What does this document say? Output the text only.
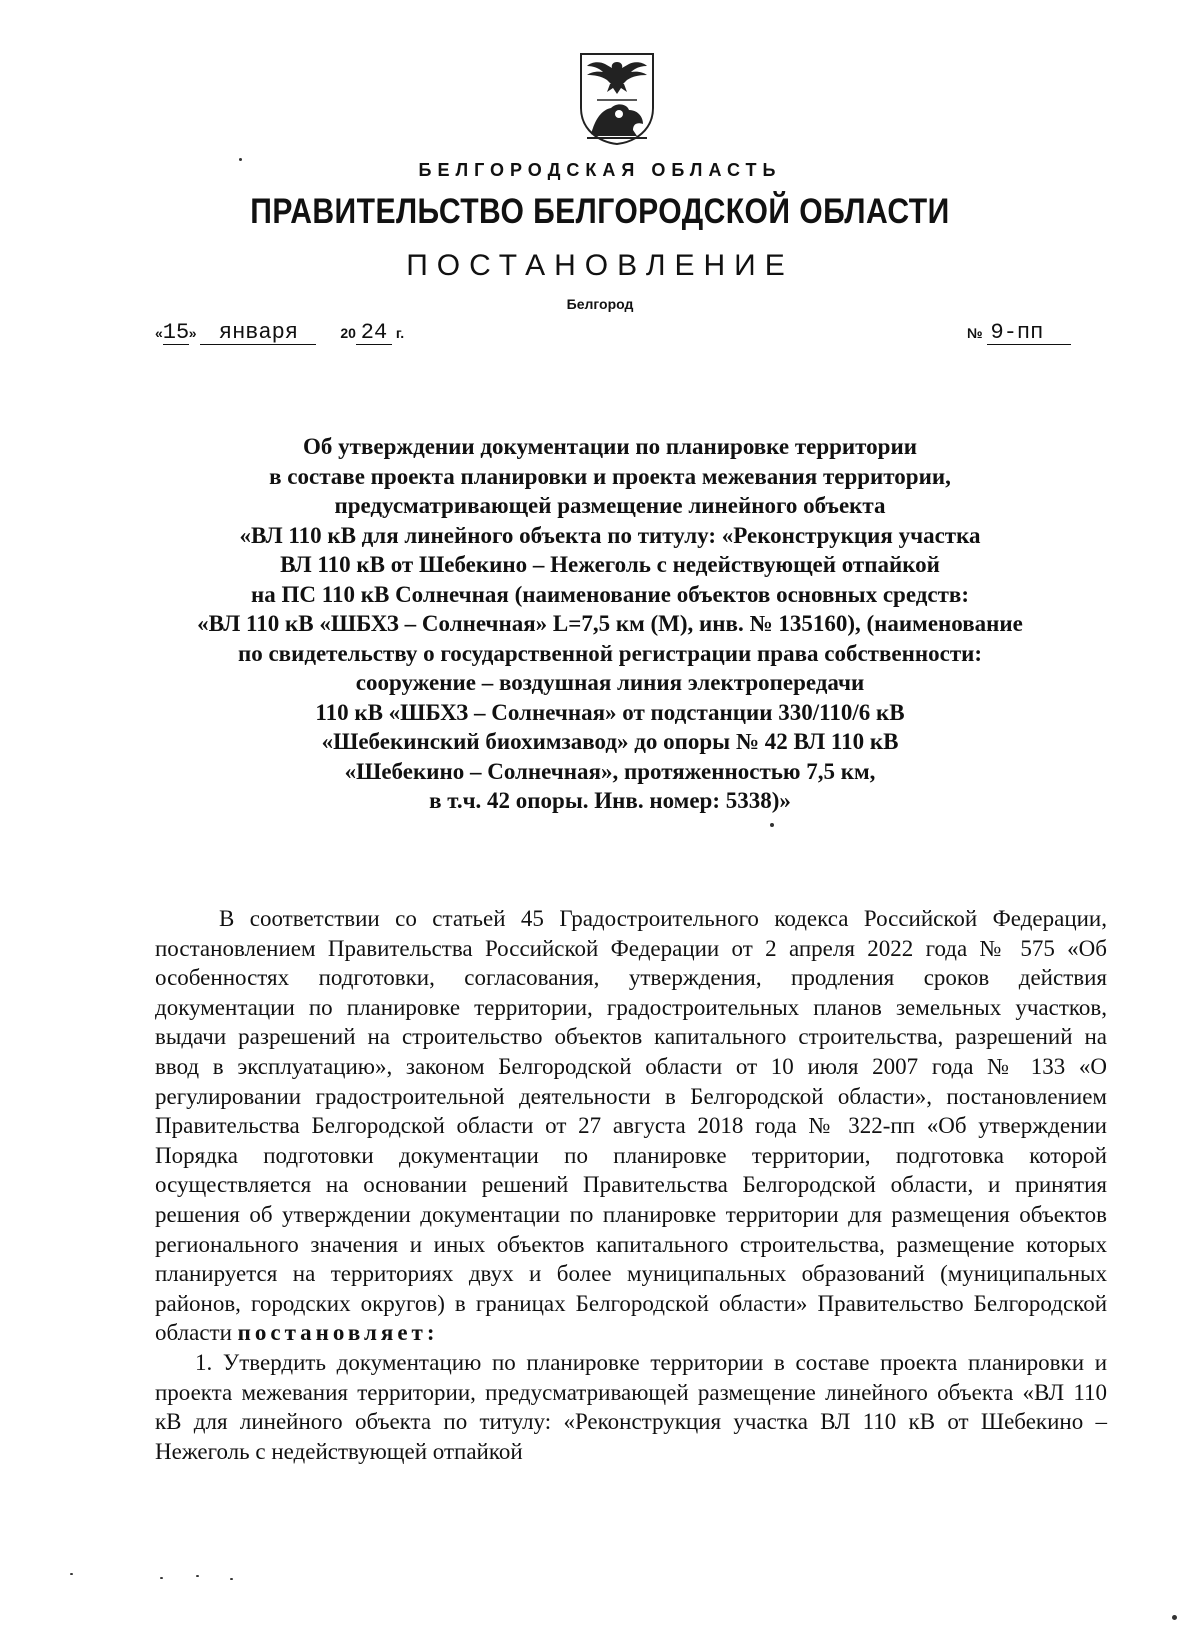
БЕЛГОРОДСКАЯ ОБЛАСТЬ
ПРАВИТЕЛЬСТВО БЕЛГОРОДСКОЙ ОБЛАСТИ
ПОСТАНОВЛЕНИЕ
Белгород
«15» января	20 24 г.	№ 9-пп
Об утверждении документации по планировке территории
в составе проекта планировки и проекта межевания территории,
предусматривающей размещение линейного объекта
«ВЛ 110 кВ для линейного объекта по титулу: «Реконструкция участка
ВЛ 110 кВ от Шебекино – Нежеголь с недействующей отпайкой
на ПС 110 кВ Солнечная (наименование объектов основных средств:
«ВЛ 110 кВ «ШБХЗ – Солнечная» L=7,5 км (М), инв. № 135160), (наименование
по свидетельству о государственной регистрации права собственности:
сооружение – воздушная линия электропередачи
110 кВ «ШБХЗ – Солнечная» от подстанции 330/110/6 кВ
«Шебекинский биохимзавод» до опоры № 42 ВЛ 110 кВ
«Шебекино – Солнечная», протяженностью 7,5 км,
в т.ч. 42 опоры. Инв. номер: 5338)»

В соответствии со статьей 45 Градостроительного кодекса Российской Федерации, постановлением Правительства Российской Федерации от 2 апреля 2022 года № 575 «Об особенностях подготовки, согласования, утверждения, продления сроков действия документации по планировке территории, градостроительных планов земельных участков, выдачи разрешений на строительство объектов капитального строительства, разрешений на ввод в эксплуатацию», законом Белгородской области от 10 июля 2007 года № 133 «О регулировании градостроительной деятельности в Белгородской области», постановлением Правительства Белгородской области от 27 августа 2018 года № 322-пп «Об утверждении Порядка подготовки документации по планировке территории, подготовка которой осуществляется на основании решений Правительства Белгородской области, и принятия решения об утверждении документации по планировке территории для размещения объектов регионального значения и иных объектов капитального строительства, размещение которых планируется на территориях двух и более муниципальных образований (муниципальных районов, городских округов) в границах Белгородской области» Правительство Белгородской области постановляет:

1. Утвердить документацию по планировке территории в составе проекта планировки и проекта межевания территории, предусматривающей размещение линейного объекта «ВЛ 110 кВ для линейного объекта по титулу: «Реконструкция участка ВЛ 110 кВ от Шебекино – Нежеголь с недействующей отпайкой
